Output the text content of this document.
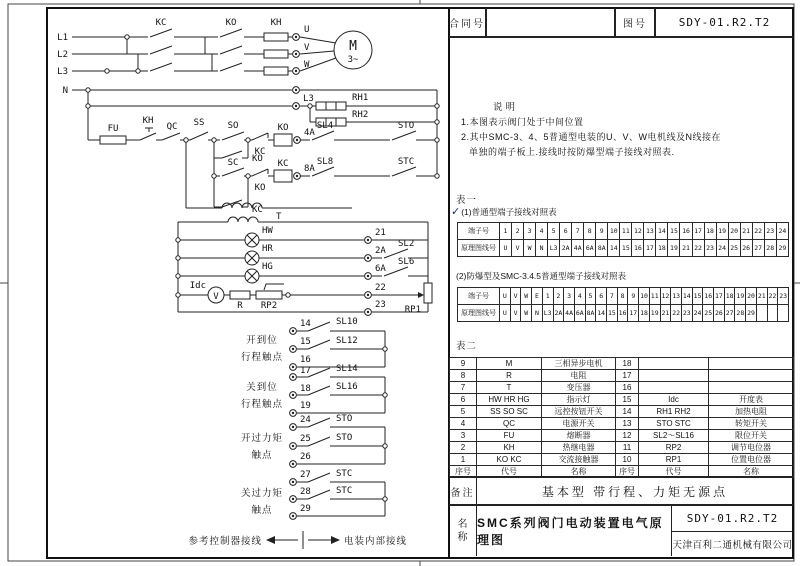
L1
L2
L3
N
KC	KO	KH
U
V
W
M
3~
L3	RH1
RH2
FU
KH
QC SS	SO
KC
KO
KO
SC
KO
KC
KC
4A
SL4	STO
8A
SL8	STC
T
HW
HR
HG
21
2A
SL2
6A
SL6
Idc
V
R RP2
22
23 RP1
14	SL10
15	SL12
16
17	SL14
18	SL16
19
24	STO
25	STO
26
27	STC
28	STC
29
开到位
行程触点
关到位
行程触点
开过力矩
触点
关过力矩
触点
参考控制器接线	电装内部接线
合同号	图号	SDY-01.R2.T2
说明
1.本图表示阀门处于中间位置
2.其中SMC-3、4、5普通型电装的U、V、W电机线及N线接在
单独的端子板上.接线时按防爆型端子接线对照表.
表一
✓(1)普通型端子接线对照表
端子号	1	2	3	4	5	6	7	8	9	10	11	12	13	14	15	16	17	18	19	20	21	22	23	24
原理图线号	U	V	W	N	L3	2A	4A	6A	8A	14	15	16	17	18	19	21	22	23	24	25	26	27	28	29
(2)防爆型及SMC-3.4.5普通型端子接线对照表
端子号	U	V	W	E	1	2	3	4	5	6	7	8	9	10	11	12	13	14	15	16	17	18	19	20	21	22	23
原理图线号	U	V	W	N	L3	2A	4A	6A	8A	14	15	16	17	18	19	21	22	23	24	25	26	27	28	29			
表二
9	M	三相异步电机	18		
8	R	电阻	17		
7	T	变压器	16		
6	HW HR HG	指示灯	15	Idc	开度表
5	SS SO SC	远控按钮开关	14	RH1 RH2	加热电阻
4	QC	电源开关	13	STO STC	转矩开关
3	FU	熔断器	12	SL2～SL16	限位开关
2	KH	热继电器	11	RP2	调节电位器
1	KO KC	交流接触器	10	RP1	位置电位器
序号	代号	名称	序号	代号	名称
备注	基本型 带行程、力矩无源点
名
称
SMC系列阀门电动装置电气原理图
SDY-01.R2.T2
天津百利二通机械有限公司
